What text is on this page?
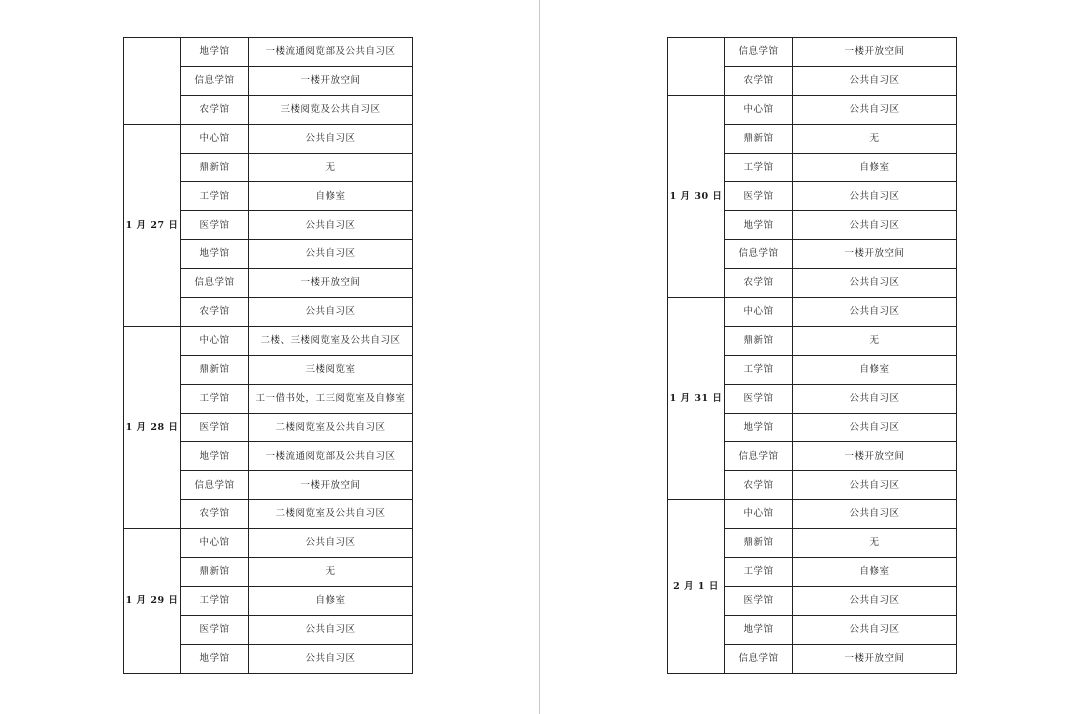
	地学馆	一楼流通阅览部及公共自习区
	信息学馆	一楼开放空间
	农学馆	三楼阅览及公共自习区
1 月 27 日	中心馆	公共自习区
	鼎新馆	无
	工学馆	自修室
	医学馆	公共自习区
	地学馆	公共自习区
	信息学馆	一楼开放空间
	农学馆	公共自习区
1 月 28 日	中心馆	二楼、三楼阅览室及公共自习区
	鼎新馆	三楼阅览室
	工学馆	工一借书处，工三阅览室及自修室
	医学馆	二楼阅览室及公共自习区
	地学馆	一楼流通阅览部及公共自习区
	信息学馆	一楼开放空间
	农学馆	二楼阅览室及公共自习区
1 月 29 日	中心馆	公共自习区
	鼎新馆	无
	工学馆	自修室
	医学馆	公共自习区
	地学馆	公共自习区
	信息学馆	一楼开放空间
	农学馆	公共自习区
1 月 30 日	中心馆	公共自习区
	鼎新馆	无
	工学馆	自修室
	医学馆	公共自习区
	地学馆	公共自习区
	信息学馆	一楼开放空间
	农学馆	公共自习区
1 月 31 日	中心馆	公共自习区
	鼎新馆	无
	工学馆	自修室
	医学馆	公共自习区
	地学馆	公共自习区
	信息学馆	一楼开放空间
	农学馆	公共自习区
2 月 1 日	中心馆	公共自习区
	鼎新馆	无
	工学馆	自修室
	医学馆	公共自习区
	地学馆	公共自习区
	信息学馆	一楼开放空间
